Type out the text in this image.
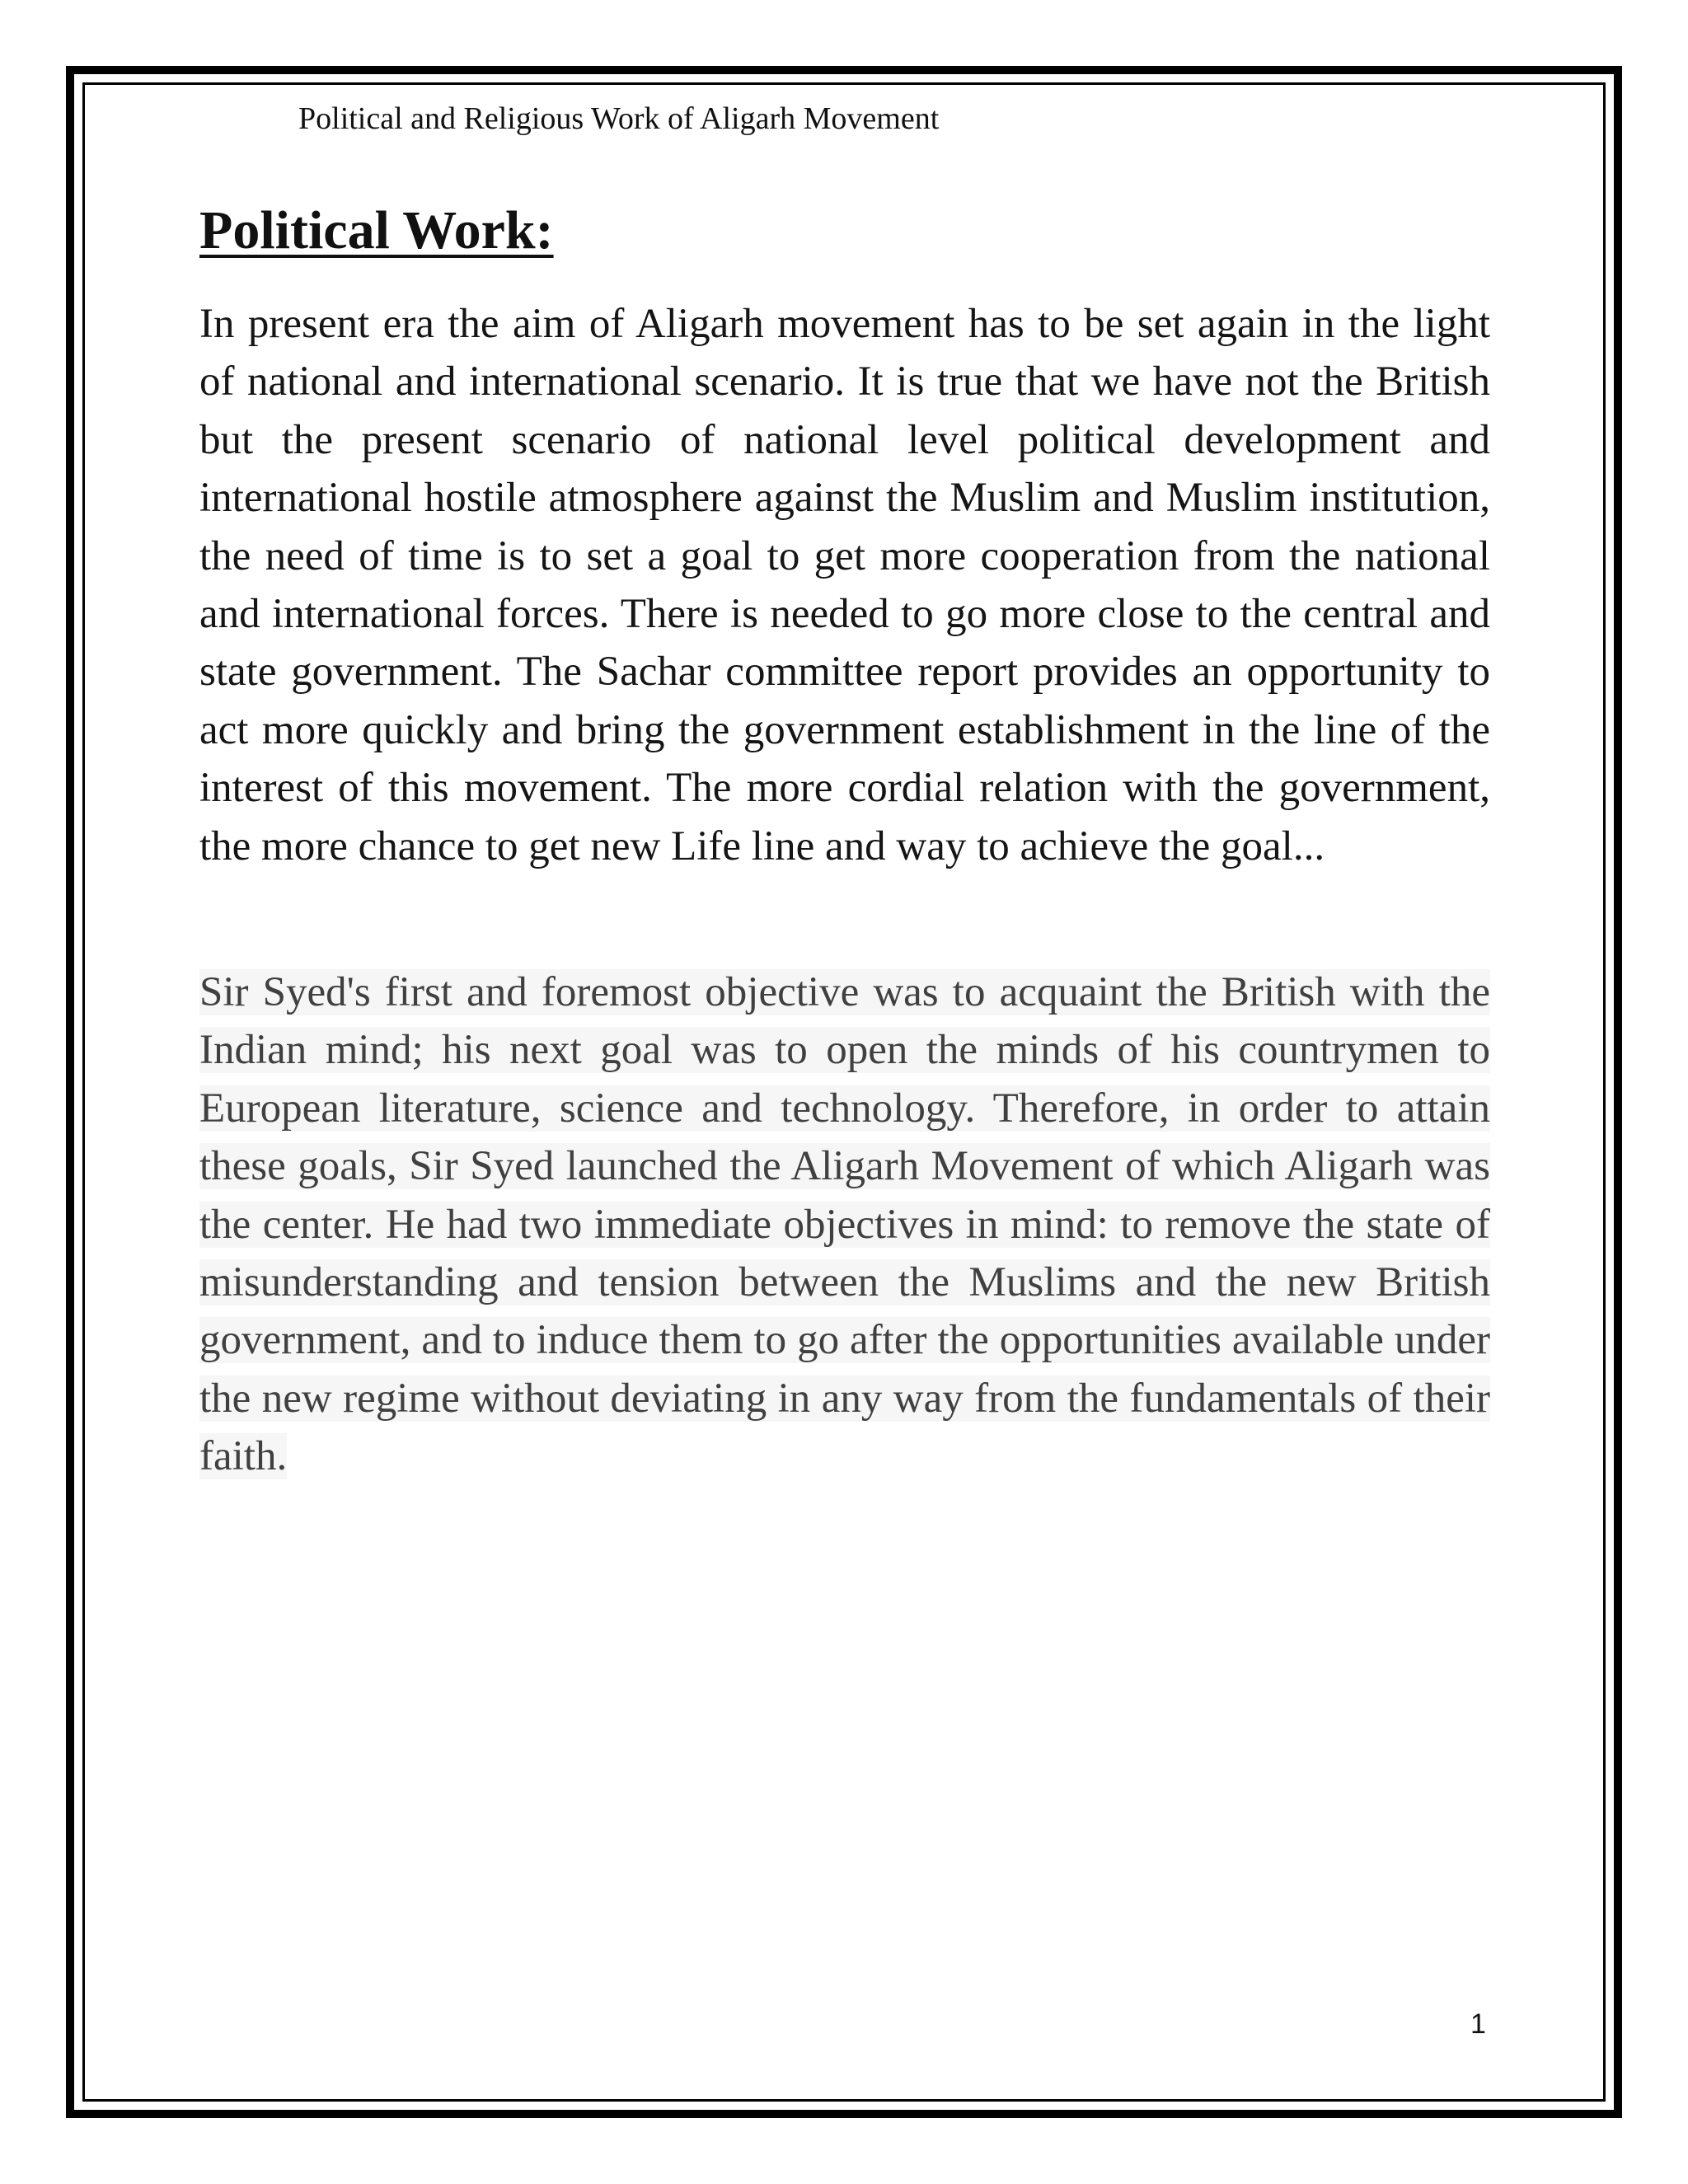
Political and Religious Work of Aligarh Movement
Political Work:

In present era the aim of Aligarh movement has to be set again in the light of national and international scenario. It is true that we have not the British but the present scenario of national level political development and international hostile atmosphere against the Muslim and Muslim institution, the need of time is to set a goal to get more cooperation from the national and international forces. There is needed to go more close to the central and state government. The Sachar committee report provides an opportunity to act more quickly and bring the government establishment in the line of the interest of this movement. The more cordial relation with the government, the more chance to get new Life line and way to achieve the goal...

Sir Syed's first and foremost objective was to acquaint the British with the Indian mind; his next goal was to open the minds of his countrymen to European literature, science and technology. Therefore, in order to attain these goals, Sir Syed launched the Aligarh Movement of which Aligarh was the center. He had two immediate objectives in mind: to remove the state of misunderstanding and tension between the Muslims and the new British government, and to induce them to go after the opportunities available under the new regime without deviating in any way from the fundamentals of their faith.

1
